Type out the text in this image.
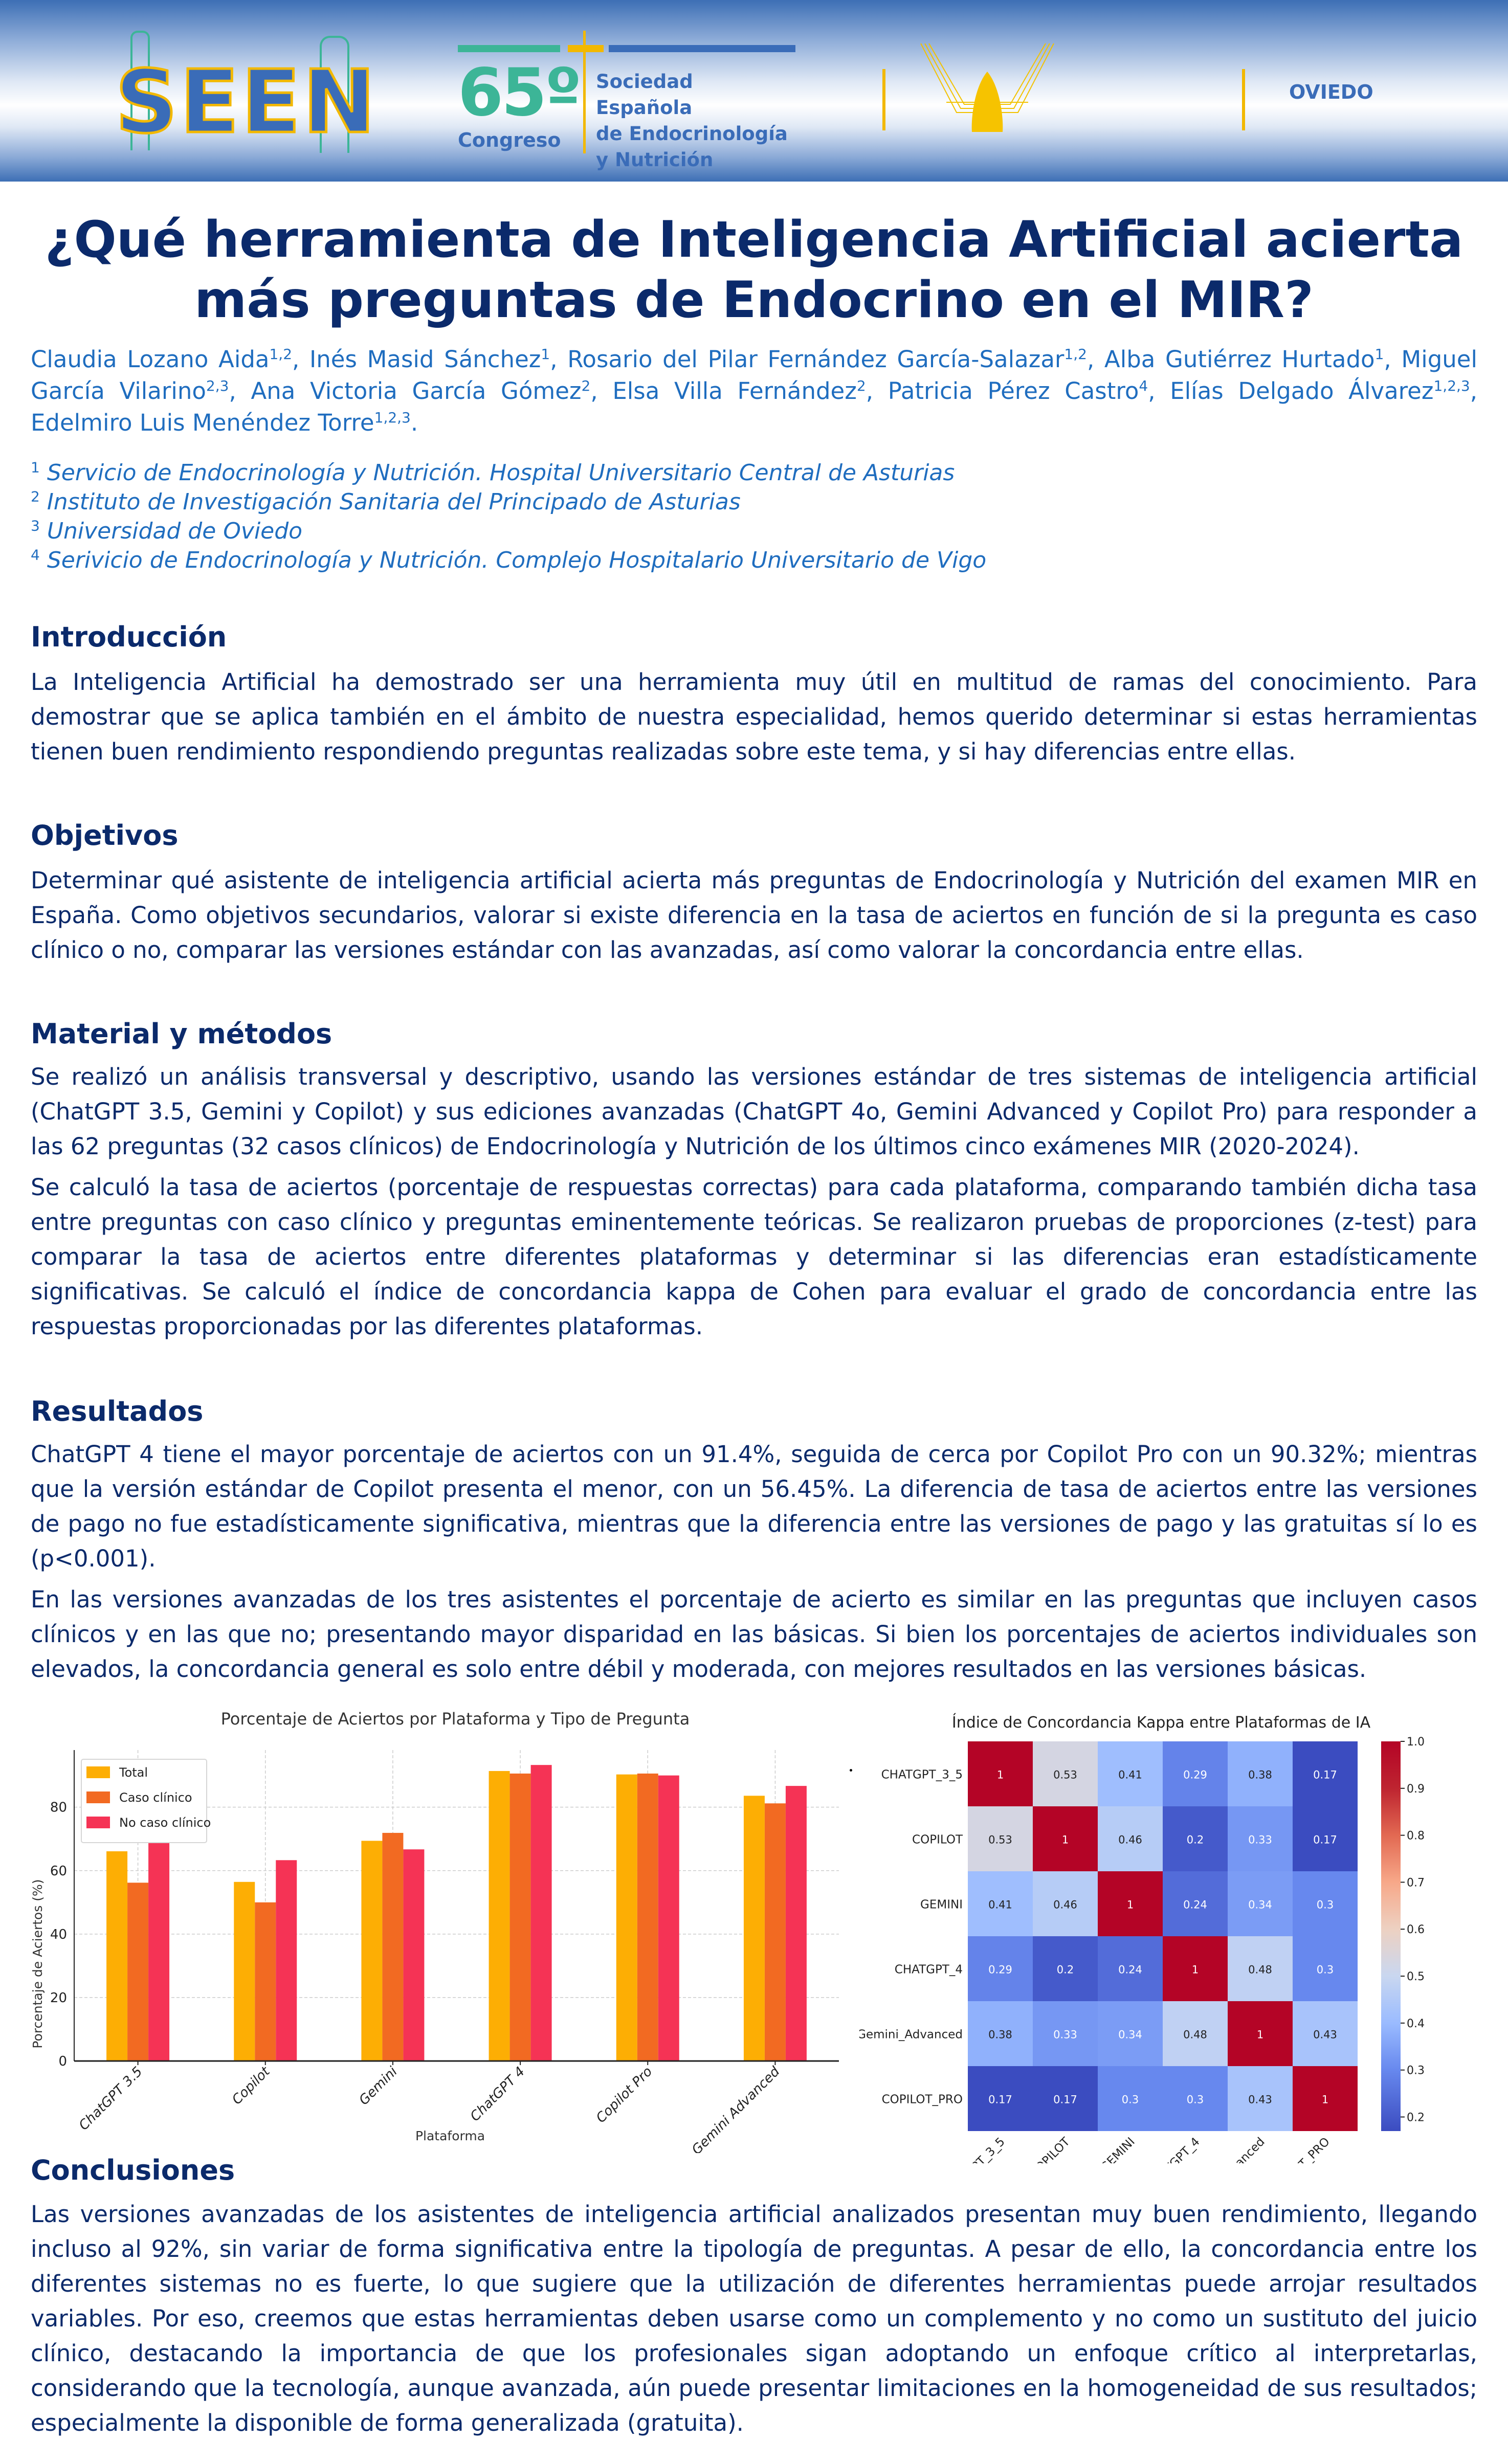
SEEN 65º
Congreso
Sociedad Española
de Endocrinología
y Nutrición
OVIEDO
¿Qué herramienta de Inteligencia Artificial acierta más preguntas de Endocrino en el MIR?
Claudia Lozano Aida$^{1,2}$, Inés Masid Sánchez$^1$, Rosario del Pilar Fernández García-Salazar$^{1,2}$, Alba Gutiérrez Hurtado$^1$, Miguel García Vilarino$^{2,3}$, Ana Victoria García Gómez$^2$, Elsa Villa Fernández$^2$, Patricia Pérez Castro$^4$, Elías Delgado Álvarez$^{1,2,3}$, Edelmiro Luis Menéndez Torre$^{1,2,3}$.
$^1$ Servicio de Endocrinología y Nutrición. Hospital Universitario Central de Asturias
$^2$ Instituto de Investigación Sanitaria del Principado de Asturias
$^3$ Universidad de Oviedo
$^4$ Serivicio de Endocrinología y Nutrición. Complejo Hospitalario Universitario de Vigo
Introducción

La Inteligencia Artificial ha demostrado ser una herramienta muy útil en multitud de ramas del conocimiento. Para demostrar que se aplica también en el ámbito de nuestra especialidad, hemos querido determinar si estas herramientas tienen buen rendimiento respondiendo preguntas realizadas sobre este tema, y si hay diferencias entre ellas.

Objetivos

Determinar qué asistente de inteligencia artificial acierta más preguntas de Endocrinología y Nutrición del examen MIR en España. Como objetivos secundarios, valorar si existe diferencia en la tasa de aciertos en función de si la pregunta es caso clínico o no, comparar las versiones estándar con las avanzadas, así como valorar la concordancia entre ellas.

Material y métodos

Se realizó un análisis transversal y descriptivo, usando las versiones estándar de tres sistemas de inteligencia artificial (ChatGPT 3.5, Gemini y Copilot) y sus ediciones avanzadas (ChatGPT 4o, Gemini Advanced y Copilot Pro) para responder a las 62 preguntas (32 casos clínicos) de Endocrinología y Nutrición de los últimos cinco exámenes MIR (2020-2024).

Se calculó la tasa de aciertos (porcentaje de respuestas correctas) para cada plataforma, comparando también dicha tasa entre preguntas con caso clínico y preguntas eminentemente teóricas. Se realizaron pruebas de proporciones (z-test) para comparar la tasa de aciertos entre diferentes plataformas y determinar si las diferencias eran estadísticamente significativas. Se calculó el índice de concordancia kappa de Cohen para evaluar el grado de concordancia entre las respuestas proporcionadas por las diferentes plataformas.

Resultados

ChatGPT 4 tiene el mayor porcentaje de aciertos con un 91.4%, seguida de cerca por Copilot Pro con un 90.32%; mientras que la versión estándar de Copilot presenta el menor, con un 56.45%. La diferencia de tasa de aciertos entre las versiones de pago no fue estadísticamente significativa, mientras que la diferencia entre las versiones de pago y las gratuitas sí lo es (p<0.001).

En las versiones avanzadas de los tres asistentes el porcentaje de acierto es similar en las preguntas que incluyen casos clínicos y en las que no; presentando mayor disparidad en las básicas. Si bien los porcentajes de aciertos individuales son elevados, la concordancia general es solo entre débil y moderada, con mejores resultados en las versiones básicas.

Porcentaje de Aciertos por Plataforma y Tipo de Pregunta
Porcentaje de Aciertos (%)
Plataforma
0
20
40
60
80
ChatGPT 3.5	Copilot	Gemini	ChatGPT 4	Copilot Pro	Gemini Advanced
Total
Caso clínico
No caso clínico
Índice de Concordancia Kappa entre Plataformas de IA
1	0.53	0.41	0.29	0.38	0.17
0.53	1	0.46	0.2	0.33	0.17
0.41	0.46	1	0.24	0.34	0.3
0.29	0.2	0.24	1	0.48	0.3
0.38	0.33	0.34	0.48	1	0.43
0.17	0.17	0.3	0.3	0.43	1
CHATGPT_3_5
COPILOT
COPILOT
GEMINI
GEMINI
CHATGPT_4
Gemini_Advanced
COPILOT_PRO
0.2
0.3
0.4
0.5
0.6
0.7
0.8
0.9
1.0
Conclusiones

Las versiones avanzadas de los asistentes de inteligencia artificial analizados presentan muy buen rendimiento, llegando incluso al 92%, sin variar de forma significativa entre la tipología de preguntas. A pesar de ello, la concordancia entre los diferentes sistemas no es fuerte, lo que sugiere que la utilización de diferentes herramientas puede arrojar resultados variables. Por eso, creemos que estas herramientas deben usarse como un complemento y no como un sustituto del juicio clínico, destacando la importancia de que los profesionales sigan adoptando un enfoque crítico al interpretarlas, considerando que la tecnología, aunque avanzada, aún puede presentar limitaciones en la homogeneidad de sus resultados; especialmente la disponible de forma generalizada (gratuita).
